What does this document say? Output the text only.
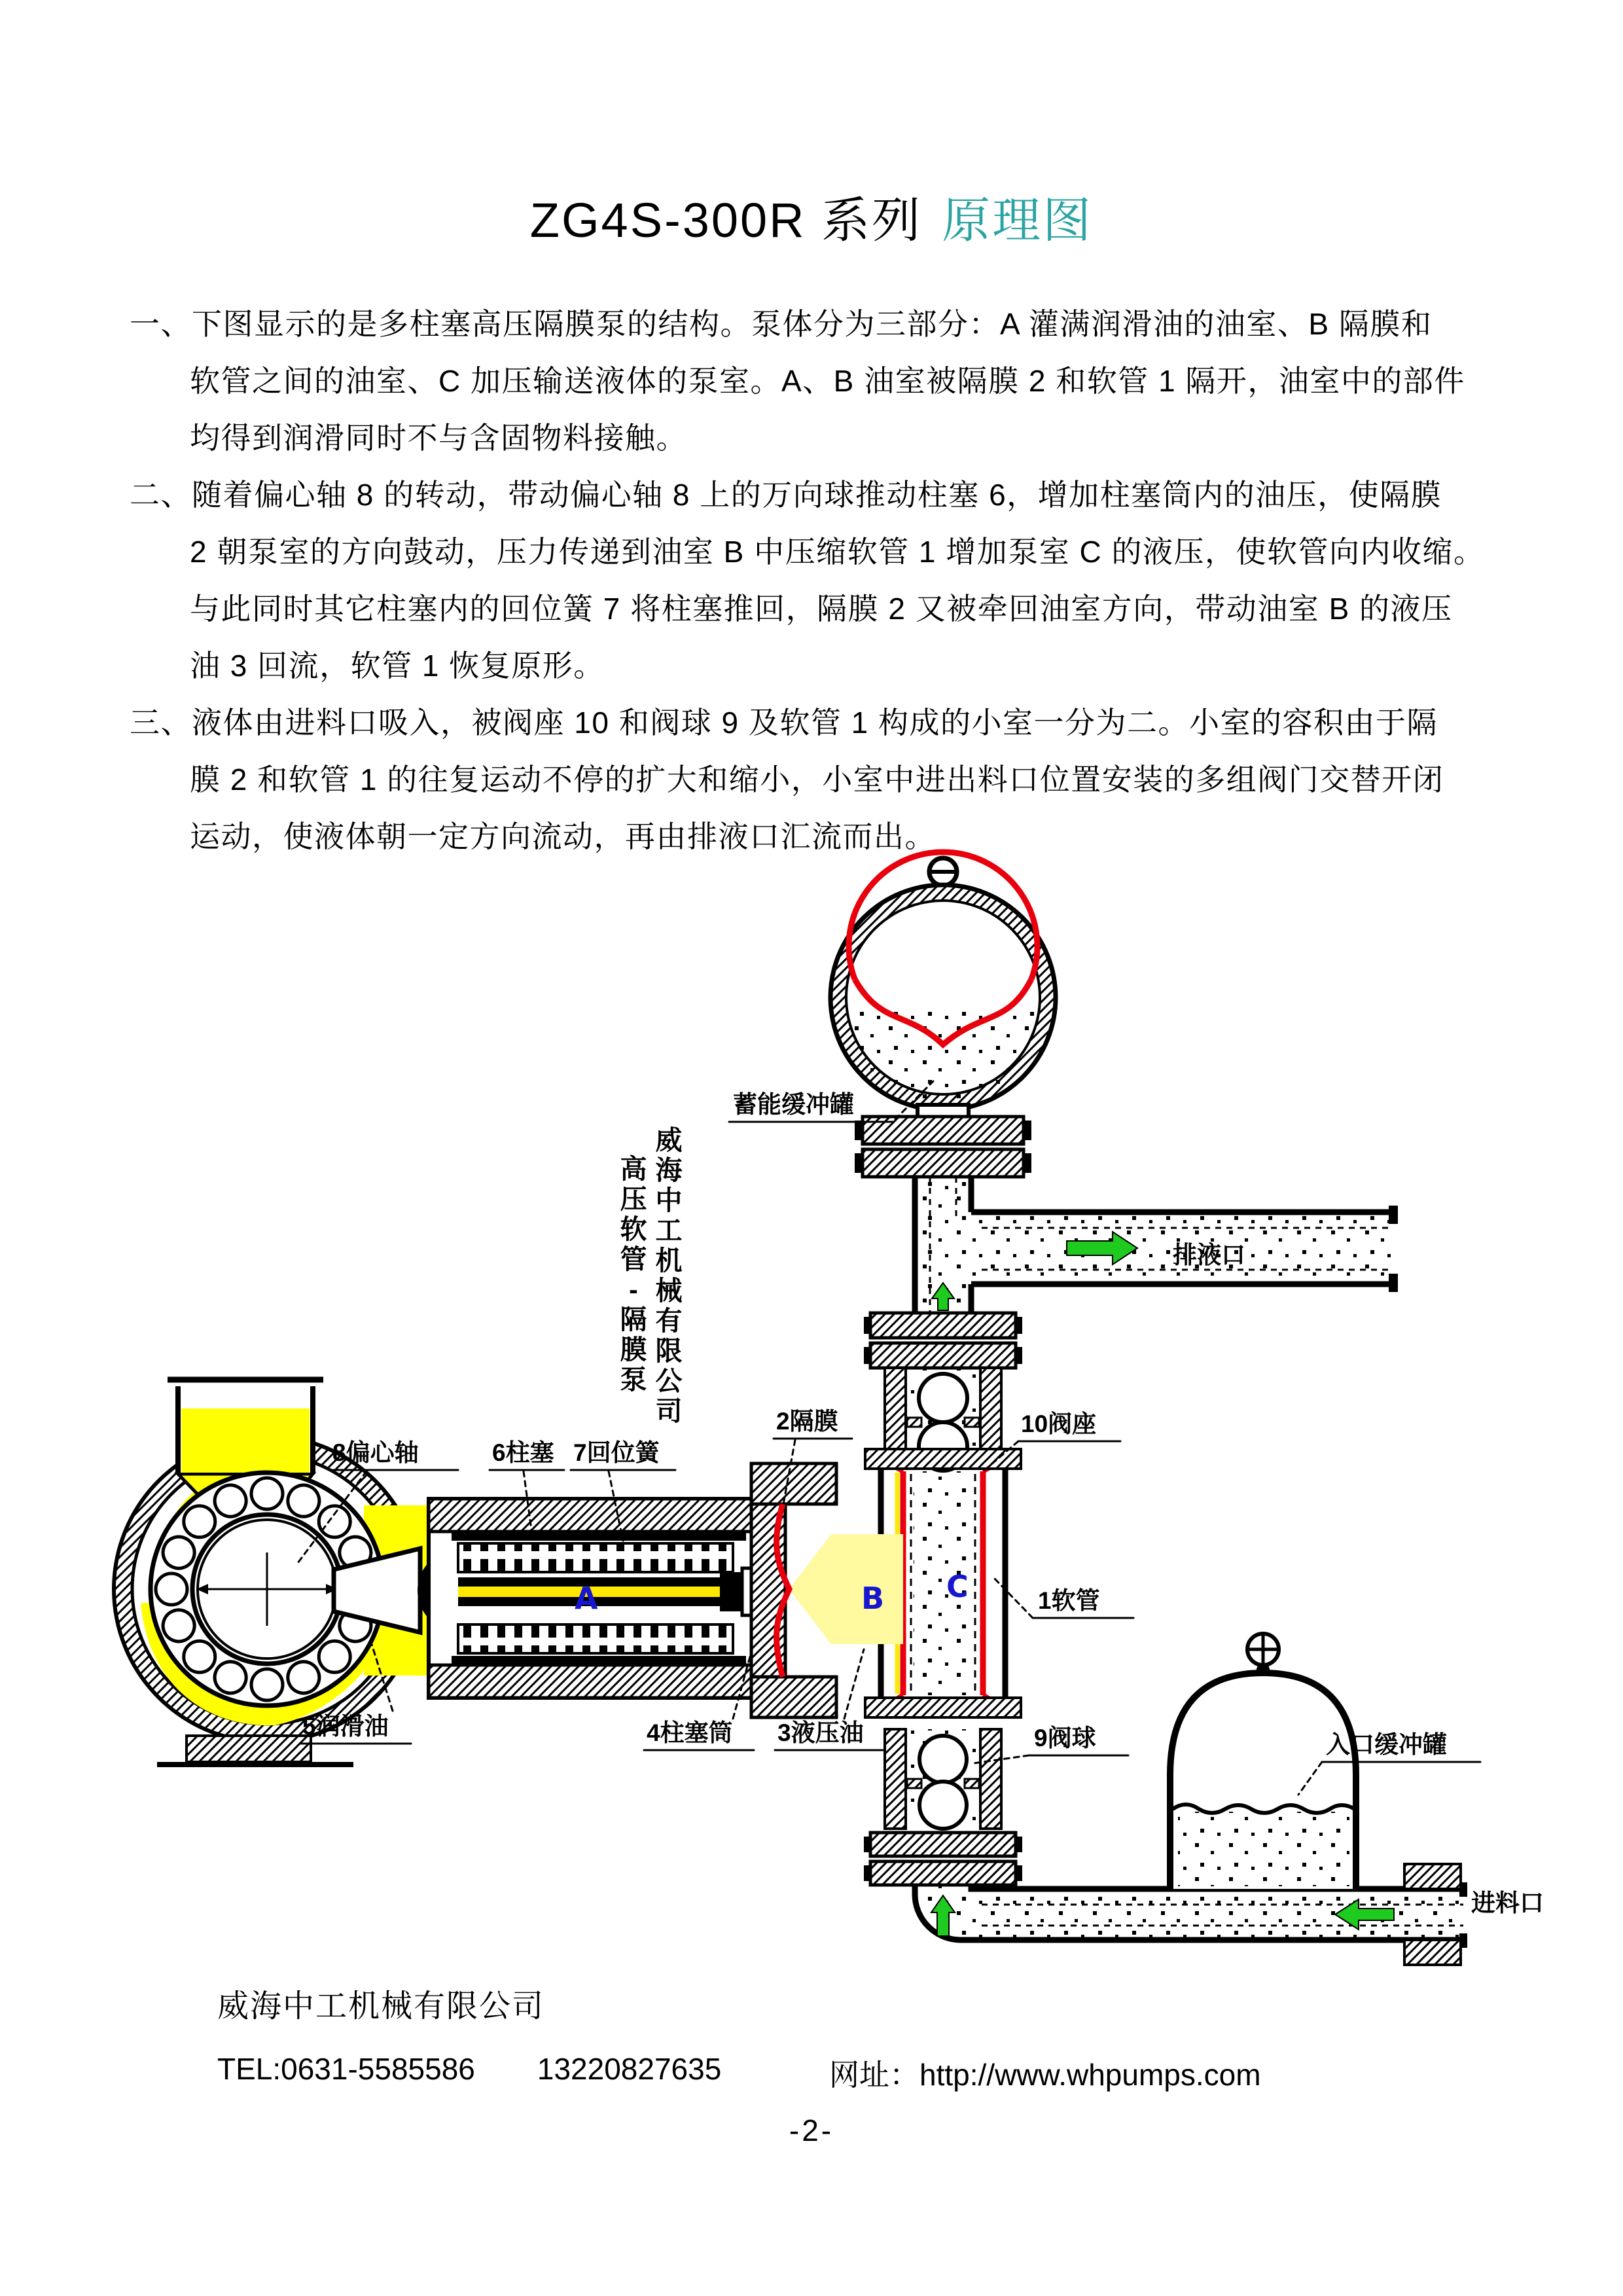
ZG4S-300R 系列 原理图
一、下图显示的是多柱塞高压隔膜泵的结构。泵体分为三部分：A 灌满润滑油的油室、B 隔膜和
软管之间的油室、C 加压输送液体的泵室。A、B 油室被隔膜 2 和软管 1 隔开，油室中的部件
均得到润滑同时不与含固物料接触。
二、随着偏心轴 8 的转动，带动偏心轴 8 上的万向球推动柱塞 6，增加柱塞筒内的油压，使隔膜
2 朝泵室的方向鼓动，压力传递到油室 B 中压缩软管 1 增加泵室 C 的液压，使软管向内收缩。
与此同时其它柱塞内的回位簧 7 将柱塞推回，隔膜 2 又被牵回油室方向，带动油室 B 的液压
油 3 回流，软管 1 恢复原形。
三、液体由进料口吸入，被阀座 10 和阀球 9 及软管 1 构成的小室一分为二。小室的容积由于隔
膜 2 和软管 1 的往复运动不停的扩大和缩小，小室中进出料口位置安装的多组阀门交替开闭
运动，使液体朝一定方向流动，再由排液口汇流而出。
A	B C
威海中工机械有限公司
高压软管-隔膜泵
蓄能缓冲罐
排液口
进料口
入口缓冲罐
8偏心轴	6柱塞 7回位簧
2隔膜	10阀座
1软管
9阀球
5润滑油	4柱塞筒 3液压油
威海中工机械有限公司
TEL:0631-5585586 13220827635	网址：http://www.whpumps.com
-2-
